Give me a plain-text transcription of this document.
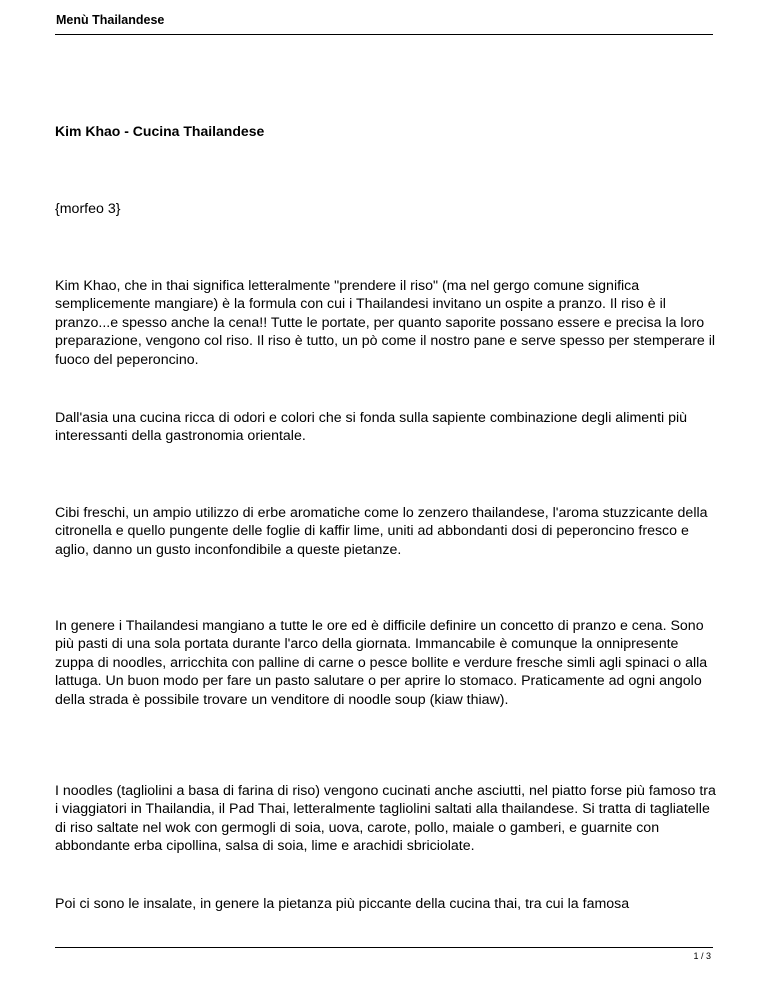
Menù Thailandese
Kim Khao - Cucina Thailandese

{morfeo 3}

Kim Khao, che in thai significa letteralmente "prendere il riso" (ma nel gergo comune significa semplicemente mangiare) è la formula con cui i Thailandesi invitano un ospite a pranzo. Il riso è il pranzo...e spesso anche la cena!! Tutte le portate, per quanto saporite possano essere e precisa la loro preparazione, vengono col riso. Il riso è tutto, un pò come il nostro pane e serve spesso per stemperare il fuoco del peperoncino.

Dall'asia una cucina ricca di odori e colori che si fonda sulla sapiente combinazione degli alimenti più interessanti della gastronomia orientale.

Cibi freschi, un ampio utilizzo di erbe aromatiche come lo zenzero thailandese, l'aroma stuzzicante della citronella e quello pungente delle foglie di kaffir lime, uniti ad abbondanti dosi di peperoncino fresco e aglio, danno un gusto inconfondibile a queste pietanze.

In genere i Thailandesi mangiano a tutte le ore ed è difficile definire un concetto di pranzo e cena. Sono più pasti di una sola portata durante l'arco della giornata. Immancabile è comunque la onnipresente zuppa di noodles, arricchita con palline di carne o pesce bollite e verdure fresche simli agli spinaci o alla lattuga. Un buon modo per fare un pasto salutare o per aprire lo stomaco. Praticamente ad ogni angolo della strada è possibile trovare un venditore di noodle soup (kiaw thiaw).

I noodles (tagliolini a basa di farina di riso) vengono cucinati anche asciutti, nel piatto forse più famoso tra i viaggiatori in Thailandia, il Pad Thai, letteralmente tagliolini saltati alla thailandese. Si tratta di tagliatelle di riso saltate nel wok con germogli di soia, uova, carote, pollo, maiale o gamberi, e guarnite con abbondante erba cipollina, salsa di soia, lime e arachidi sbriciolate.

Poi ci sono le insalate, in genere la pietanza più piccante della cucina thai, tra cui la famosa

1 / 3
